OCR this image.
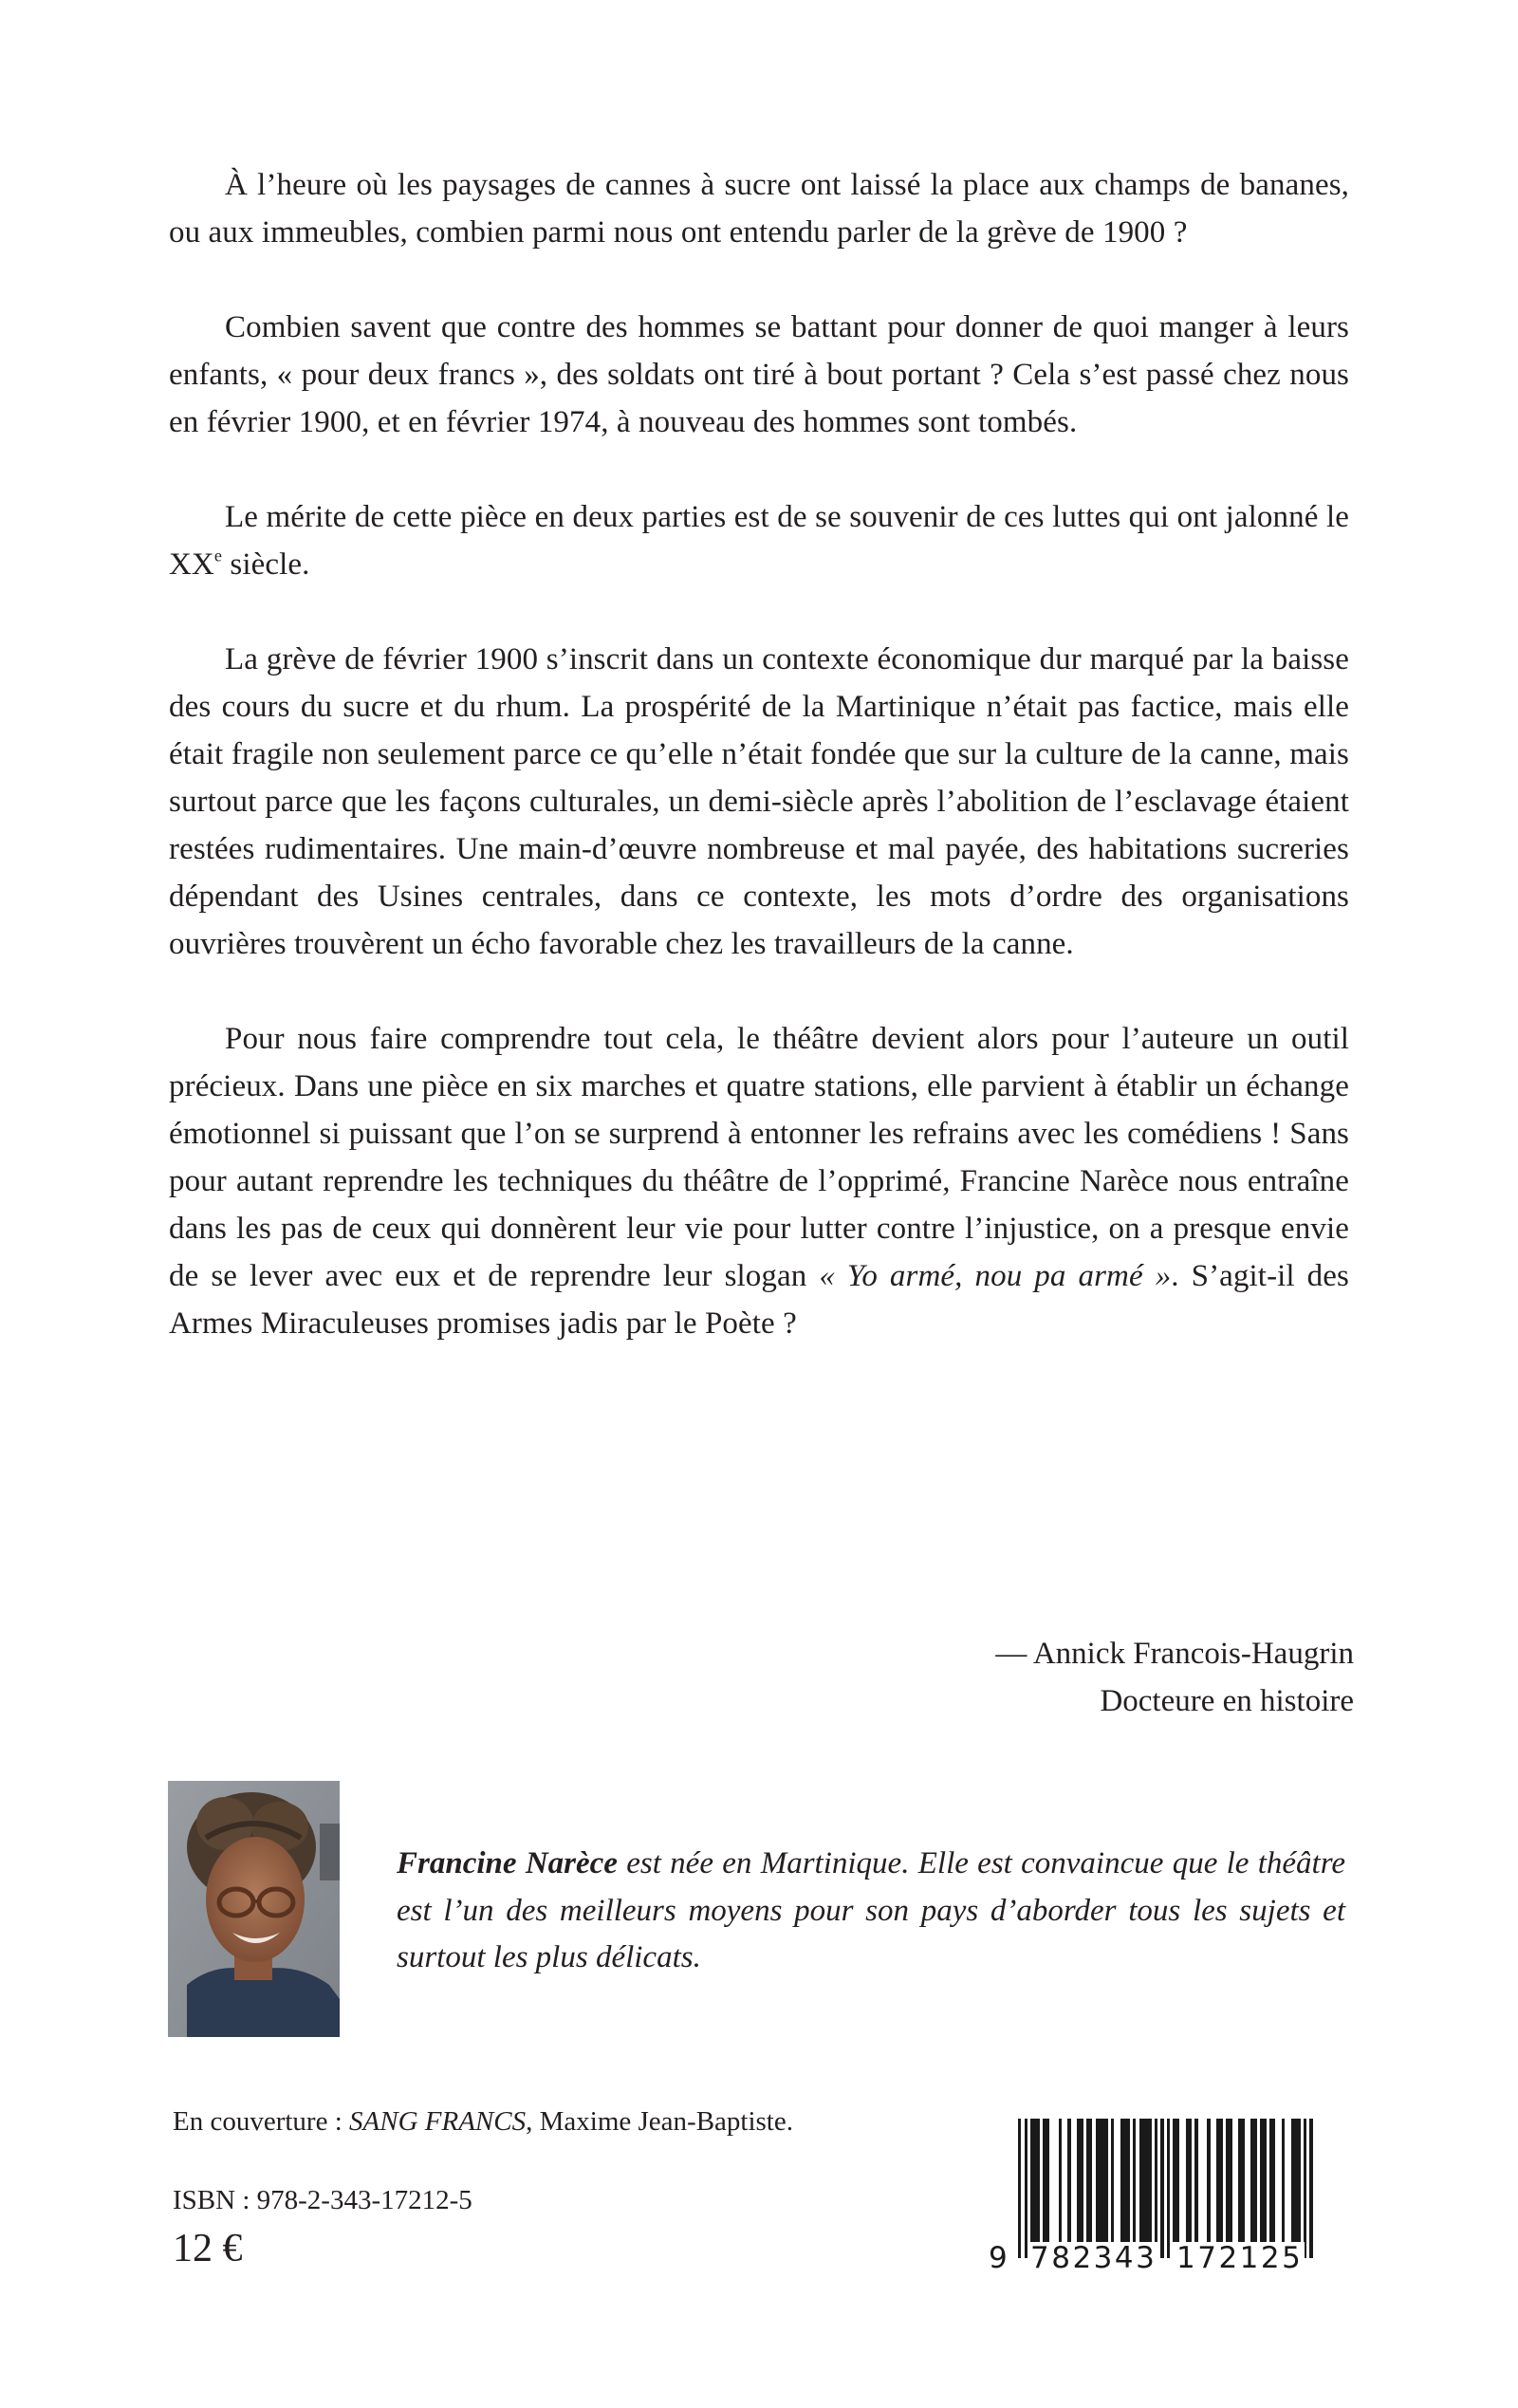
À l’heure où les paysages de cannes à sucre ont laissé la place aux champs de bananes, ou aux immeubles, combien parmi nous ont entendu parler de la grève de 1900 ?

Combien savent que contre des hommes se battant pour donner de quoi manger à leurs enfants, « pour deux francs », des soldats ont tiré à bout portant ? Cela s’est passé chez nous en février 1900, et en février 1974, à nouveau des hommes sont tombés.

Le mérite de cette pièce en deux parties est de se souvenir de ces luttes qui ont jalonné le XXe siècle.

La grève de février 1900 s’inscrit dans un contexte économique dur marqué par la baisse des cours du sucre et du rhum. La prospérité de la Martinique n’était pas factice, mais elle était fragile non seulement parce ce qu’elle n’était fondée que sur la culture de la canne, mais surtout parce que les façons culturales, un demi-siècle après l’abolition de l’esclavage étaient restées rudimentaires. Une main-d’œuvre nombreuse et mal payée, des habitations sucreries dépendant des Usines centrales, dans ce contexte, les mots d’ordre des organisations ouvrières trouvèrent un écho favorable chez les travailleurs de la canne.

Pour nous faire comprendre tout cela, le théâtre devient alors pour l’auteure un outil précieux. Dans une pièce en six marches et quatre stations, elle parvient à établir un échange émotionnel si puissant que l’on se surprend à entonner les refrains avec les comédiens ! Sans pour autant reprendre les techniques du théâtre de l’opprimé, Francine Narèce nous entraîne dans les pas de ceux qui donnèrent leur vie pour lutter contre l’injustice, on a presque envie de se lever avec eux et de reprendre leur slogan « Yo armé, nou pa armé ». S’agit-il des Armes Miraculeuses promises jadis par le Poète ?

— Annick Francois-Haugrin
Docteure en histoire
Francine Narèce est née en Martinique. Elle est convaincue que le théâtre est l’un des meilleurs moyens pour son pays d’aborder tous les sujets et surtout les plus délicats.
En couverture : SANG FRANCS, Maxime Jean-Baptiste.
ISBN : 978-2-343-17212-5
12 €	9 782343 172125
